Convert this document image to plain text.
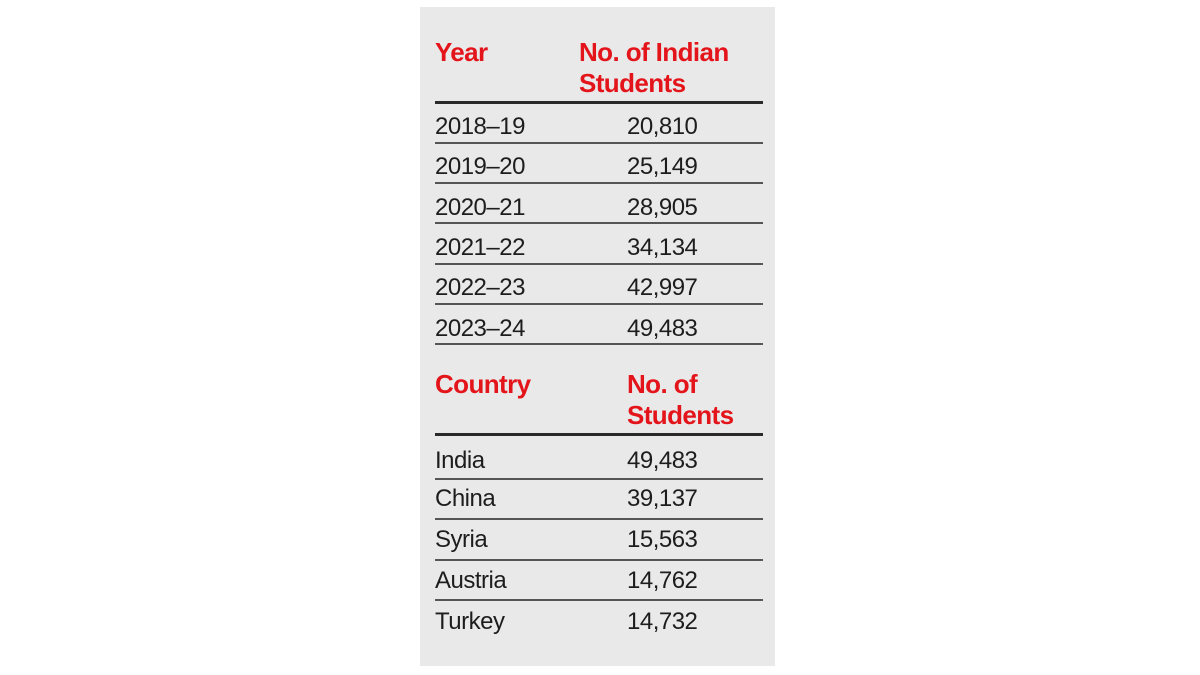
Year	No. of Indian
Students
2018–19	20,810
2019–20	25,149
2020–21	28,905
2021–22	34,134
2022–23	42,997
2023–24	49,483
Country	No. of
Students
India	49,483
China	39,137
Syria	15,563
Austria	14,762
Turkey	14,732
